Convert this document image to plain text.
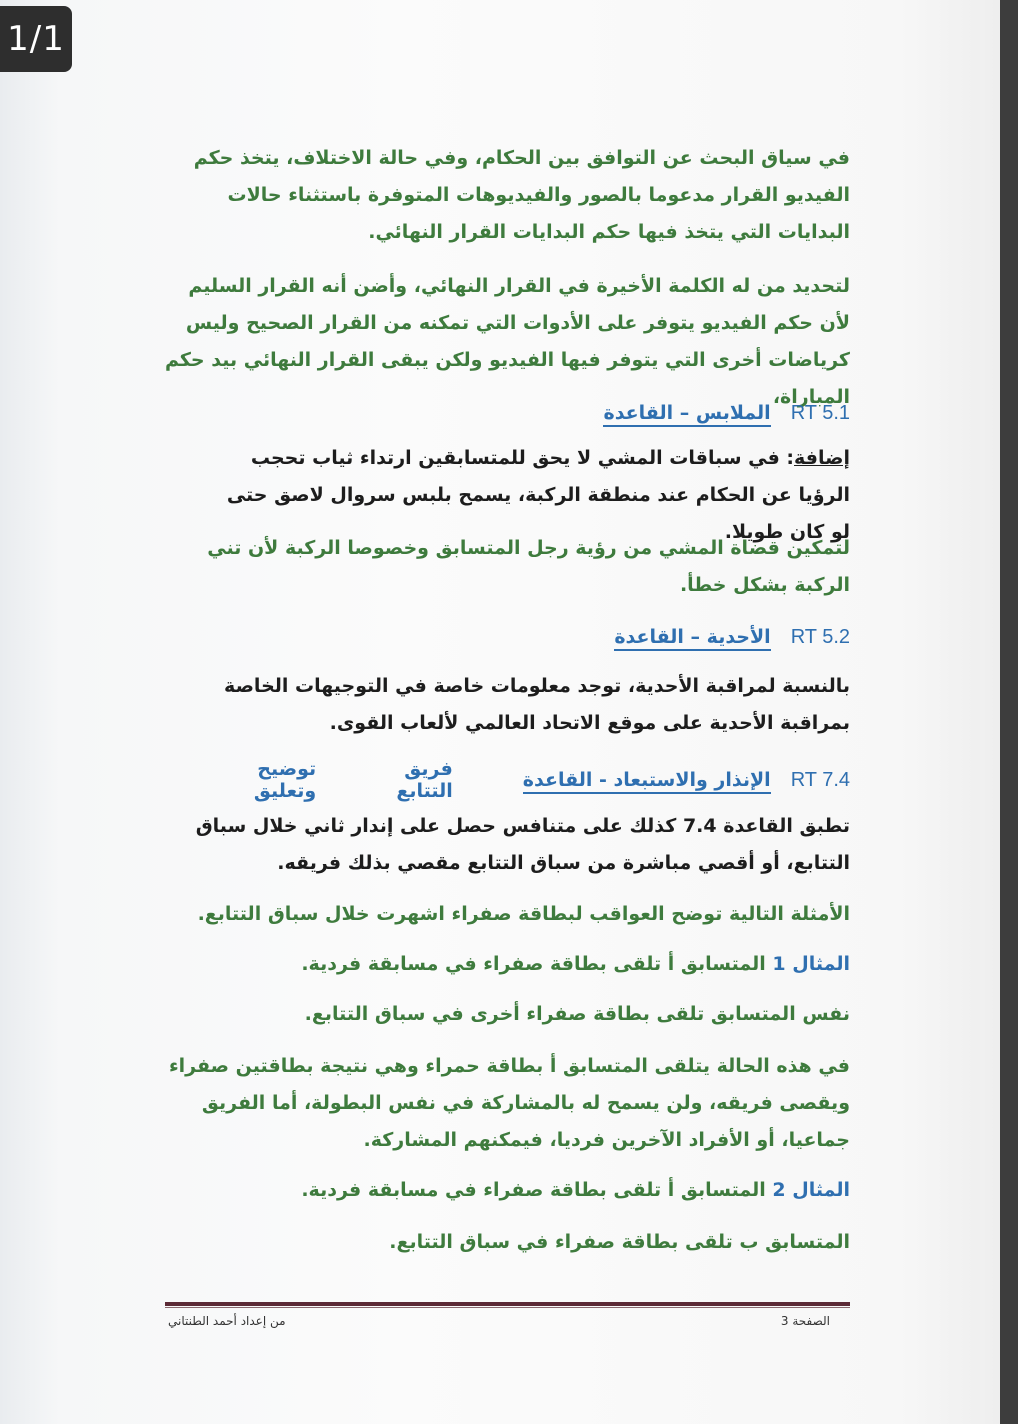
في سياق البحث عن التوافق بين الحكام، وفي حالة الاختلاف، يتخذ حكم الفيديو القرار مدعوما بالصور والفيديوهات المتوفرة باستثناء حالات البدايات التي يتخذ فيها حكم البدايات القرار النهائي.

لتحديد من له الكلمة الأخيرة في القرار النهائي، وأضن أنه القرار السليم لأن حكم الفيديو يتوفر على الأدوات التي تمكنه من القرار الصحيح وليس كرياضات أخرى التي يتوفر فيها الفيديو ولكن يبقى القرار النهائي بيد حكم المباراة،

RT 5.1 الملابس – القاعدة

إضافة: في سباقات المشي لا يحق للمتسابقين ارتداء ثياب تحجب الرؤيا عن الحكام عند منطقة الركبة، يسمح بلبس سروال لاصق حتى لو كان طويلا.

لتمكين قضاة المشي من رؤية رجل المتسابق وخصوصا الركبة لأن تني الركبة بشكل خطأ.

RT 5.2 الأحدية – القاعدة

بالنسبة لمراقبة الأحدية، توجد معلومات خاصة في التوجيهات الخاصة بمراقبة الأحدية على موقع الاتحاد العالمي لألعاب القوى.

RT 7.4 الإنذار والاستبعاد - القاعدة
فريق التتابع
توضيح وتعليق

تطبق القاعدة 7.4 كذلك على متنافس حصل على إندار ثاني خلال سباق التتابع، أو أقصي مباشرة من سباق التتابع مقصي بذلك فريقه.

الأمثلة التالية توضح العواقب لبطاقة صفراء اشهرت خلال سباق التتابع.

المثال 1 المتسابق أ تلقى بطاقة صفراء في مسابقة فردية.

نفس المتسابق تلقى بطاقة صفراء أخرى في سباق التتابع.

في هذه الحالة يتلقى المتسابق أ بطاقة حمراء وهي نتيجة بطاقتين صفراء ويقصى فريقه، ولن يسمح له بالمشاركة في نفس البطولة، أما الفريق جماعيا، أو الأفراد الآخرين فرديا، فيمكنهم المشاركة.

المثال 2 المتسابق أ تلقى بطاقة صفراء في مسابقة فردية.

المتسابق ب تلقى بطاقة صفراء في سباق التتابع.

من إعداد أحمد الطنتاني	الصفحة 3
1/1
